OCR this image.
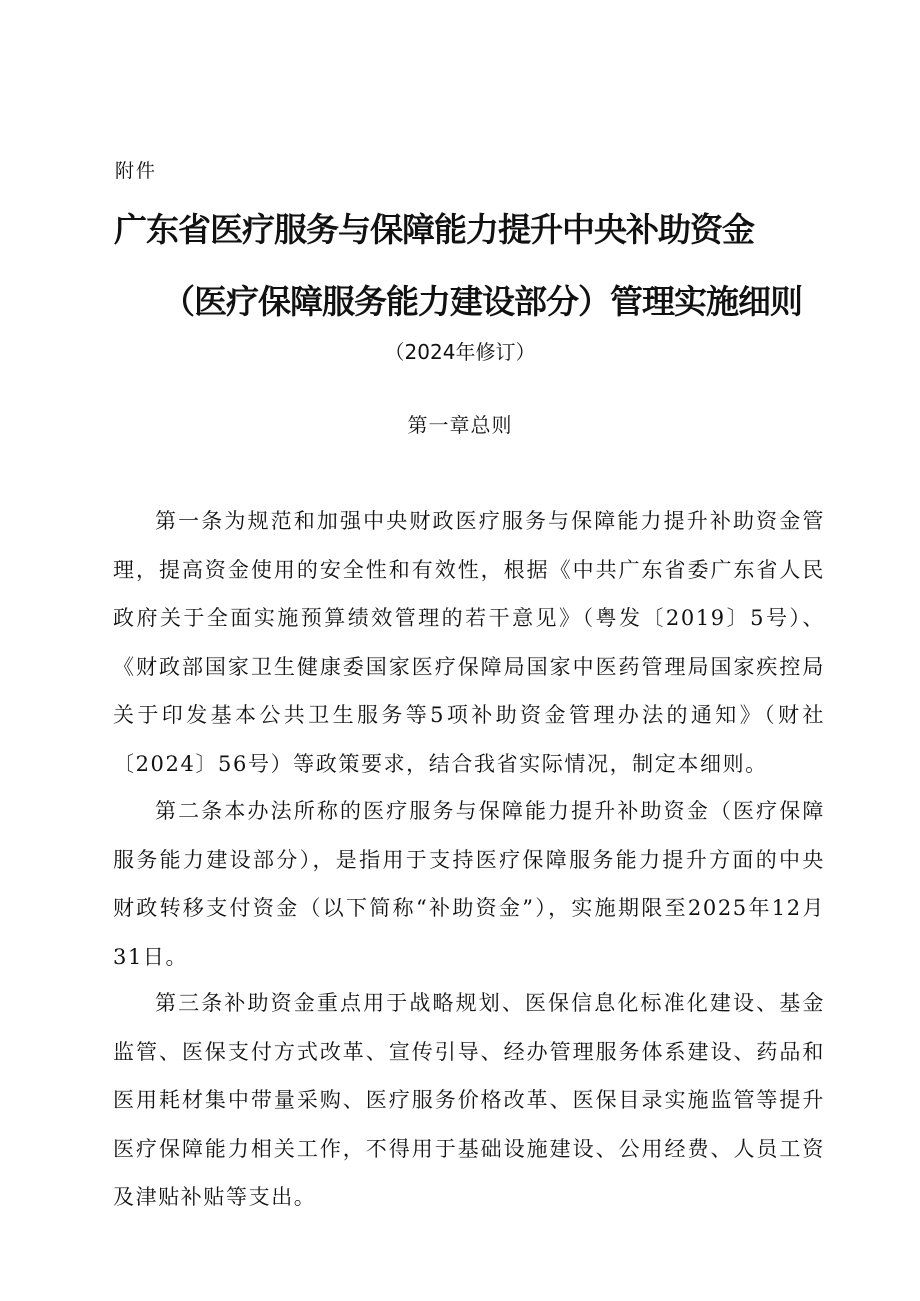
附件
广东省医疗服务与保障能力提升中央补助资金
（医疗保障服务能力建设部分）管理实施细则
（2024年修订）
第一章总则

第一条为规范和加强中央财政医疗服务与保障能力提升补助资金管理，提高资金使用的安全性和有效性，根据《中共广东省委广东省人民政府关于全面实施预算绩效管理的若干意见》（粤发〔2019〕5号）、《财政部国家卫生健康委国家医疗保障局国家中医药管理局国家疾控局关于印发基本公共卫生服务等5项补助资金管理办法的通知》（财社〔2024〕56号）等政策要求，结合我省实际情况，制定本细则。

第二条本办法所称的医疗服务与保障能力提升补助资金（医疗保障服务能力建设部分），是指用于支持医疗保障服务能力提升方面的中央财政转移支付资金（以下简称“补助资金”），实施期限至2025年12月31日。

第三条补助资金重点用于战略规划、医保信息化标准化建设、基金监管、医保支付方式改革、宣传引导、经办管理服务体系建设、药品和医用耗材集中带量采购、医疗服务价格改革、医保目录实施监管等提升医疗保障能力相关工作，不得用于基础设施建设、公用经费、人员工资及津贴补贴等支出。
